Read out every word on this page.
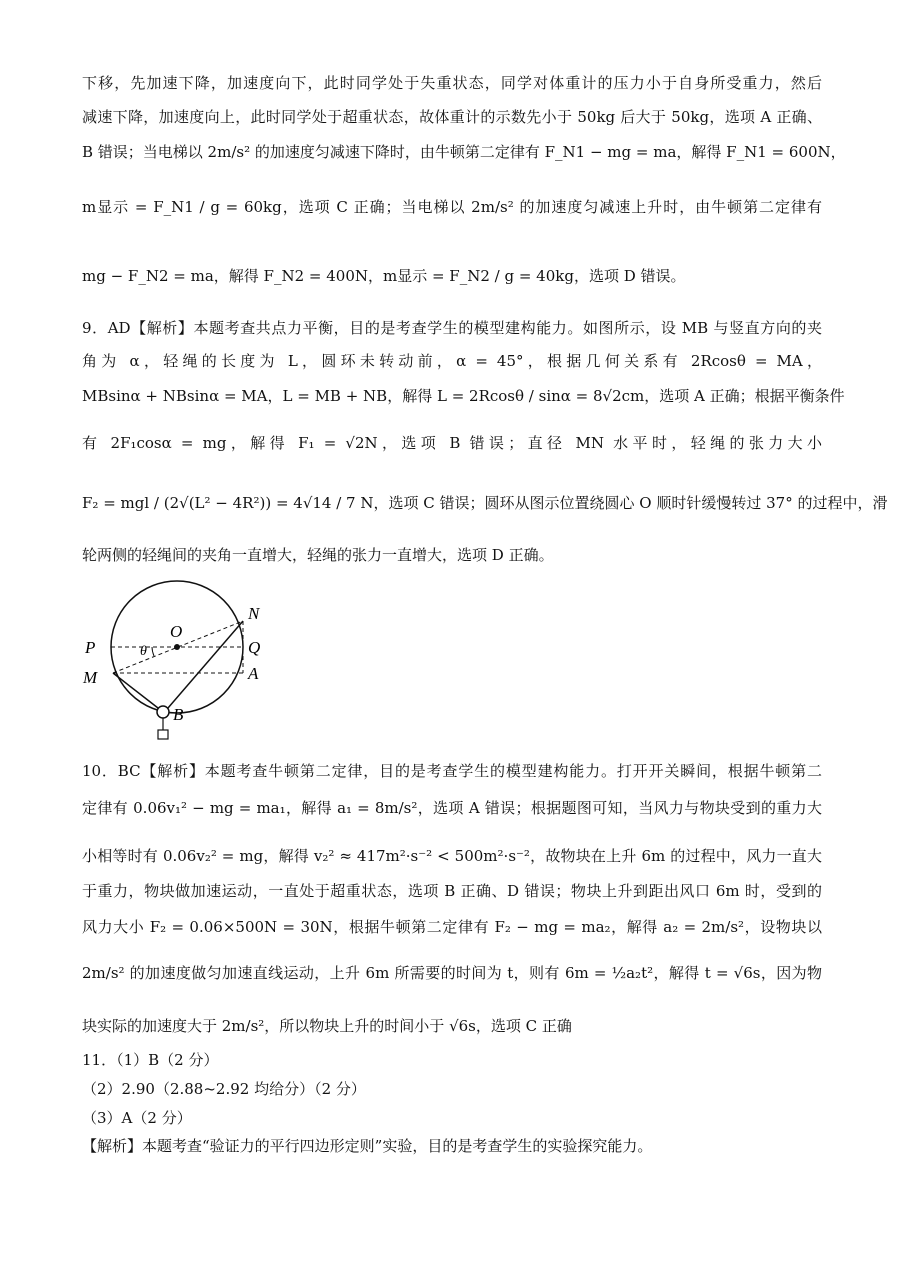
下移，先加速下降，加速度向下，此时同学处于失重状态，同学对体重计的压力小于自身所受重力，然后
减速下降，加速度向上，此时同学处于超重状态，故体重计的示数先小于 50kg 后大于 50kg，选项 A 正确、
B 错误；当电梯以 2m/s² 的加速度匀减速下降时，由牛顿第二定律有 F_N1 − mg = ma，解得 F_N1 = 600N，
m显示 = F_N1 / g = 60kg，选项 C 正确；当电梯以 2m/s² 的加速度匀减速上升时，由牛顿第二定律有
mg − F_N2 = ma，解得 F_N2 = 400N，m显示 = F_N2 / g = 40kg，选项 D 错误。
9．AD【解析】本题考查共点力平衡，目的是考查学生的模型建构能力。如图所示，设 MB 与竖直方向的夹
角为 α，轻绳的长度为 L，圆环未转动前，α = 45°，根据几何关系有 2Rcosθ = MA，
MBsinα + NBsinα = MA，L = MB + NB，解得 L = 2Rcosθ / sinα = 8√2cm，选项 A 正确；根据平衡条件
有 2F₁cosα = mg，解得 F₁ = √2N，选项 B 错误；直径 MN 水平时，轻绳的张力大小
F₂ = mgl / (2√(L² − 4R²)) = 4√14 / 7 N，选项 C 错误；圆环从图示位置绕圆心 O 顺时针缓慢转过 37° 的过程中，滑
轮两侧的轻绳间的夹角一直增大，轻绳的张力一直增大，选项 D 正确。
O
N
P	Q
M	A
B
θ
10．BC【解析】本题考查牛顿第二定律，目的是考查学生的模型建构能力。打开开关瞬间，根据牛顿第二
定律有 0.06v₁² − mg = ma₁，解得 a₁ = 8m/s²，选项 A 错误；根据题图可知，当风力与物块受到的重力大
小相等时有 0.06v₂² = mg，解得 v₂² ≈ 417m²·s⁻² < 500m²·s⁻²，故物块在上升 6m 的过程中，风力一直大
于重力，物块做加速运动，一直处于超重状态，选项 B 正确、D 错误；物块上升到距出风口 6m 时，受到的
风力大小 F₂ = 0.06×500N = 30N，根据牛顿第二定律有 F₂ − mg = ma₂，解得 a₂ = 2m/s²，设物块以
2m/s² 的加速度做匀加速直线运动，上升 6m 所需要的时间为 t，则有 6m = ½a₂t²，解得 t = √6s，因为物
块实际的加速度大于 2m/s²，所以物块上升的时间小于 √6s，选项 C 正确
11．（1）B（2 分）
（2）2.90（2.88~2.92 均给分）（2 分）
（3）A（2 分）
【解析】本题考查“验证力的平行四边形定则”实验，目的是考查学生的实验探究能力。
